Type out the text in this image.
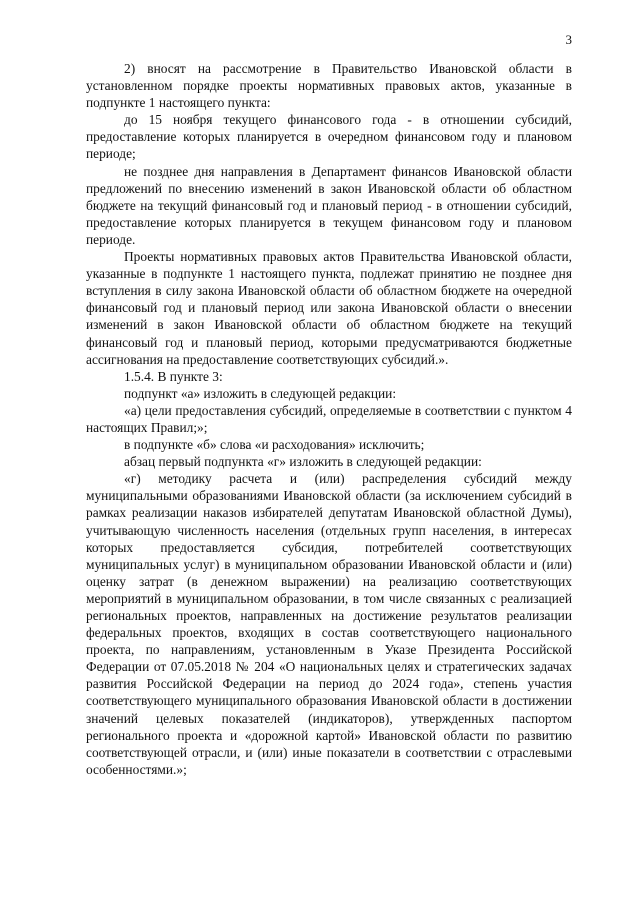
3

2) вносят на рассмотрение в Правительство Ивановской области в установленном порядке проекты нормативных правовых актов, указанные в подпункте 1 настоящего пункта:

до 15 ноября текущего финансового года - в отношении субсидий, предоставление которых планируется в очередном финансовом году и плановом периоде;

не позднее дня направления в Департамент финансов Ивановской области предложений по внесению изменений в закон Ивановской области об областном бюджете на текущий финансовый год и плановый период - в отношении субсидий, предоставление которых планируется в текущем финансовом году и плановом периоде.

Проекты нормативных правовых актов Правительства Ивановской области, указанные в подпункте 1 настоящего пункта, подлежат принятию не позднее дня вступления в силу закона Ивановской области об областном бюджете на очередной финансовый год и плановый период или закона Ивановской области о внесении изменений в закон Ивановской области об областном бюджете на текущий финансовый год и плановый период, которыми предусматриваются бюджетные ассигнования на предоставление соответствующих субсидий.».

1.5.4. В пункте 3:

подпункт «а» изложить в следующей редакции:

«а) цели предоставления субсидий, определяемые в соответствии с пунктом 4 настоящих Правил;»;

в подпункте «б» слова «и расходования» исключить;

абзац первый подпункта «г» изложить в следующей редакции:

«г) методику расчета и (или) распределения субсидий между муниципальными образованиями Ивановской области (за исключением субсидий в рамках реализации наказов избирателей депутатам Ивановской областной Думы), учитывающую численность населения (отдельных групп населения, в интересах которых предоставляется субсидия, потребителей соответствующих муниципальных услуг) в муниципальном образовании Ивановской области и (или) оценку затрат (в денежном выражении) на реализацию соответствующих мероприятий в муниципальном образовании, в том числе связанных с реализацией региональных проектов, направленных на достижение результатов реализации федеральных проектов, входящих в состав соответствующего национального проекта, по направлениям, установленным в Указе Президента Российской Федерации от 07.05.2018 № 204 «О национальных целях и стратегических задачах развития Российской Федерации на период до 2024 года», степень участия соответствующего муниципального образования Ивановской области в достижении значений целевых показателей (индикаторов), утвержденных паспортом регионального проекта и «дорожной картой» Ивановской области по развитию соответствующей отрасли, и (или) иные показатели в соответствии с отраслевыми особенностями.»;
